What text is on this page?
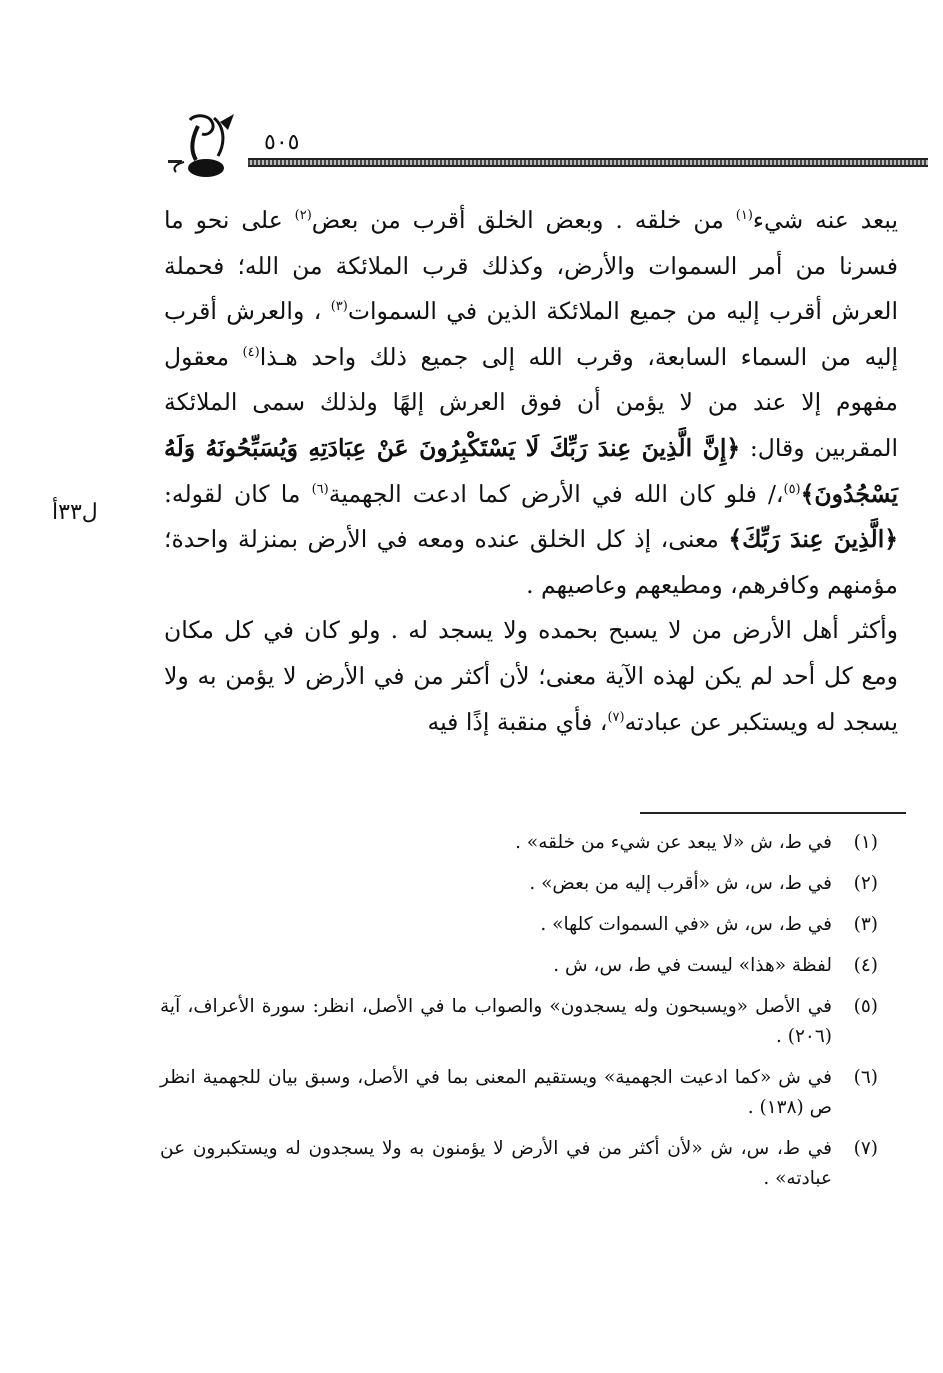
٥٠٥

يبعد عنه شيء$^{(١)}$ من خلقه . وبعض الخلق أقرب من بعض$^{(٢)}$ على نحو ما فسرنا من أمر السموات والأرض، وكذلك قرب الملائكة من الله؛ فحملة العرش أقرب إليه من جميع الملائكة الذين في السموات$^{(٣)}$ ، والعرش أقرب إليه من السماء السابعة، وقرب الله إلى جميع ذلك واحد هـذا$^{(٤)}$ معقول مفهوم إلا عند من لا يؤمن أن فوق العرش إلهًا ولذلك سمى الملائكة المقربين وقال: ﴿إِنَّ الَّذِينَ عِندَ رَبِّكَ لَا يَسْتَكْبِرُونَ عَنْ عِبَادَتِهِ وَيُسَبِّحُونَهُ وَلَهُ يَسْجُدُونَ﴾$^{(٥)}$،/ فلو كان الله في الأرض كما ادعت الجهمية$^{(٦)}$ ما كان لقوله: ﴿الَّذِينَ عِندَ رَبِّكَ﴾ معنى، إذ كل الخلق عنده ومعه في الأرض بمنزلة واحدة؛مؤمنهم وكافرهم، ومطيعهم وعاصيهم .

وأكثر أهل الأرض من لا يسبح بحمده ولا يسجد له . ولو كان في كل مكان ومع كل أحد لم يكن لهذه الآية معنى؛ لأن أكثر من في الأرض لا يؤمن به ولا يسجد له ويستكبر عن عبادته$^{(٧)}$، فأي منقبة إذًا فيه

ل٣٣أ
(١)
في ط، ش «لا يبعد عن شيء من خلقه» .
(٢)
في ط، س، ش «أقرب إليه من بعض» .
(٣)
في ط، س، ش «في السموات كلها» .
(٤)
لفظة «هذا» ليست في ط، س، ش .
(٥)
في الأصل «ويسبحون وله يسجدون» والصواب ما في الأصل، انظر: سورة الأعراف، آية (٢٠٦) .
(٦)
في ش «كما ادعيت الجهمية» ويستقيم المعنى بما في الأصل، وسبق بيان للجهمية انظر ص (١٣٨) .
(٧)
في ط، س، ش «لأن أكثر من في الأرض لا يؤمنون به ولا يسجدون له ويستكبرون عن عبادته» .
